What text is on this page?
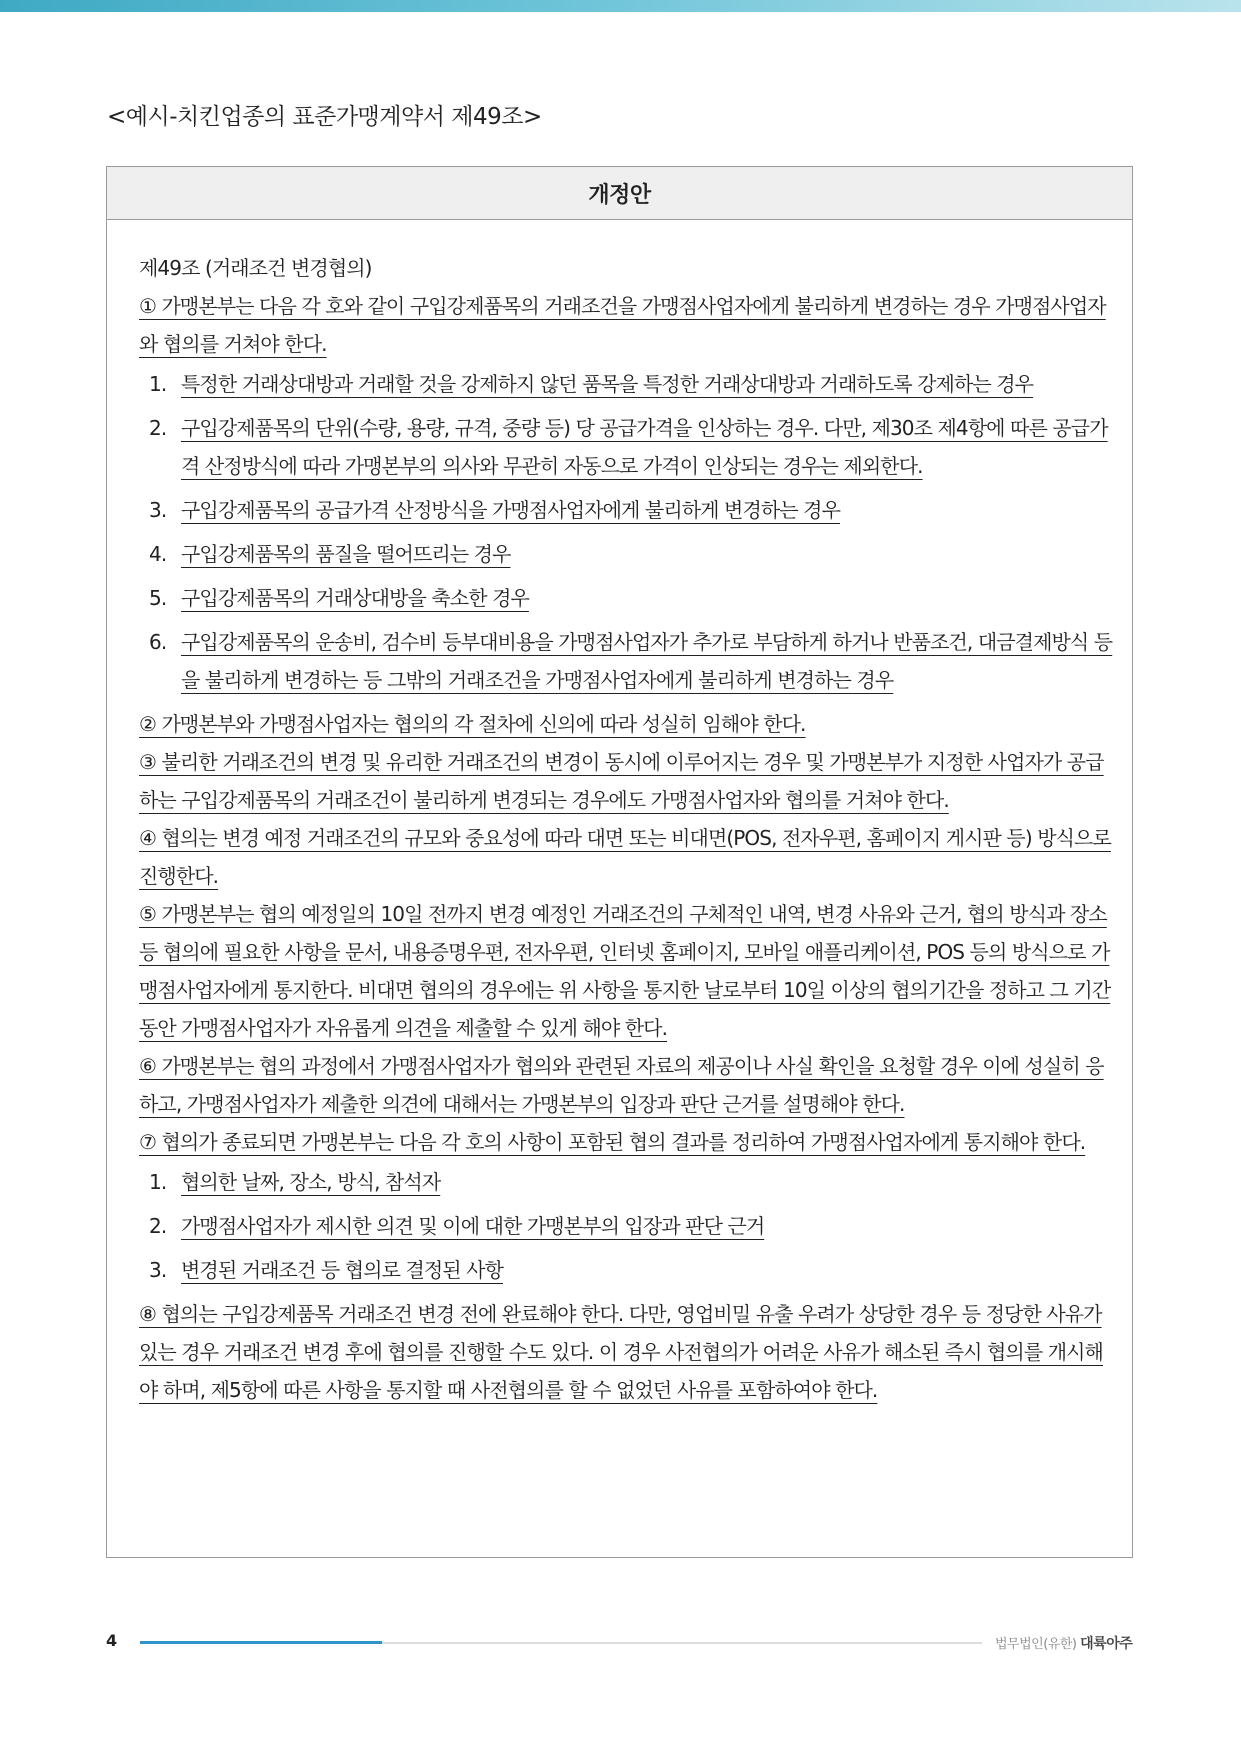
<예시-치킨업종의 표준가맹계약서 제49조>
개정안

제49조 (거래조건 변경협의)

① 가맹본부는 다음 각 호와 같이 구입강제품목의 거래조건을 가맹점사업자에게 불리하게 변경하는 경우 가맹점사업자와 협의를 거쳐야 한다.

1. 특정한 거래상대방과 거래할 것을 강제하지 않던 품목을 특정한 거래상대방과 거래하도록 강제하는 경우
2. 구입강제품목의 단위(수량, 용량, 규격, 중량 등) 당 공급가격을 인상하는 경우. 다만, 제30조 제4항에 따른 공급가격 산정방식에 따라 가맹본부의 의사와 무관히 자동으로 가격이 인상되는 경우는 제외한다.
3. 구입강제품목의 공급가격 산정방식을 가맹점사업자에게 불리하게 변경하는 경우
4. 구입강제품목의 품질을 떨어뜨리는 경우
5. 구입강제품목의 거래상대방을 축소한 경우
6. 구입강제품목의 운송비, 검수비 등부대비용을 가맹점사업자가 추가로 부담하게 하거나 반품조건, 대금결제방식 등을 불리하게 변경하는 등 그밖의 거래조건을 가맹점사업자에게 불리하게 변경하는 경우

② 가맹본부와 가맹점사업자는 협의의 각 절차에 신의에 따라 성실히 임해야 한다.

③ 불리한 거래조건의 변경 및 유리한 거래조건의 변경이 동시에 이루어지는 경우 및 가맹본부가 지정한 사업자가 공급하는 구입강제품목의 거래조건이 불리하게 변경되는 경우에도 가맹점사업자와 협의를 거쳐야 한다.

④ 협의는 변경 예정 거래조건의 규모와 중요성에 따라 대면 또는 비대면(POS, 전자우편, 홈페이지 게시판 등) 방식으로 진행한다.

⑤ 가맹본부는 협의 예정일의 10일 전까지 변경 예정인 거래조건의 구체적인 내역, 변경 사유와 근거, 협의 방식과 장소 등 협의에 필요한 사항을 문서, 내용증명우편, 전자우편, 인터넷 홈페이지, 모바일 애플리케이션, POS 등의 방식으로 가맹점사업자에게 통지한다. 비대면 협의의 경우에는 위 사항을 통지한 날로부터 10일 이상의 협의기간을 정하고 그 기간동안 가맹점사업자가 자유롭게 의견을 제출할 수 있게 해야 한다.

⑥ 가맹본부는 협의 과정에서 가맹점사업자가 협의와 관련된 자료의 제공이나 사실 확인을 요청할 경우 이에 성실히 응하고, 가맹점사업자가 제출한 의견에 대해서는 가맹본부의 입장과 판단 근거를 설명해야 한다.

⑦ 협의가 종료되면 가맹본부는 다음 각 호의 사항이 포함된 협의 결과를 정리하여 가맹점사업자에게 통지해야 한다.

1. 협의한 날짜, 장소, 방식, 참석자
2. 가맹점사업자가 제시한 의견 및 이에 대한 가맹본부의 입장과 판단 근거
3. 변경된 거래조건 등 협의로 결정된 사항

⑧ 협의는 구입강제품목 거래조건 변경 전에 완료해야 한다. 다만, 영업비밀 유출 우려가 상당한 경우 등 정당한 사유가 있는 경우 거래조건 변경 후에 협의를 진행할 수도 있다. 이 경우 사전협의가 어려운 사유가 해소된 즉시 협의를 개시해야 하며, 제5항에 따른 사항을 통지할 때 사전협의를 할 수 없었던 사유를 포함하여야 한다.

4	법무법인(유한) 대륙아주
